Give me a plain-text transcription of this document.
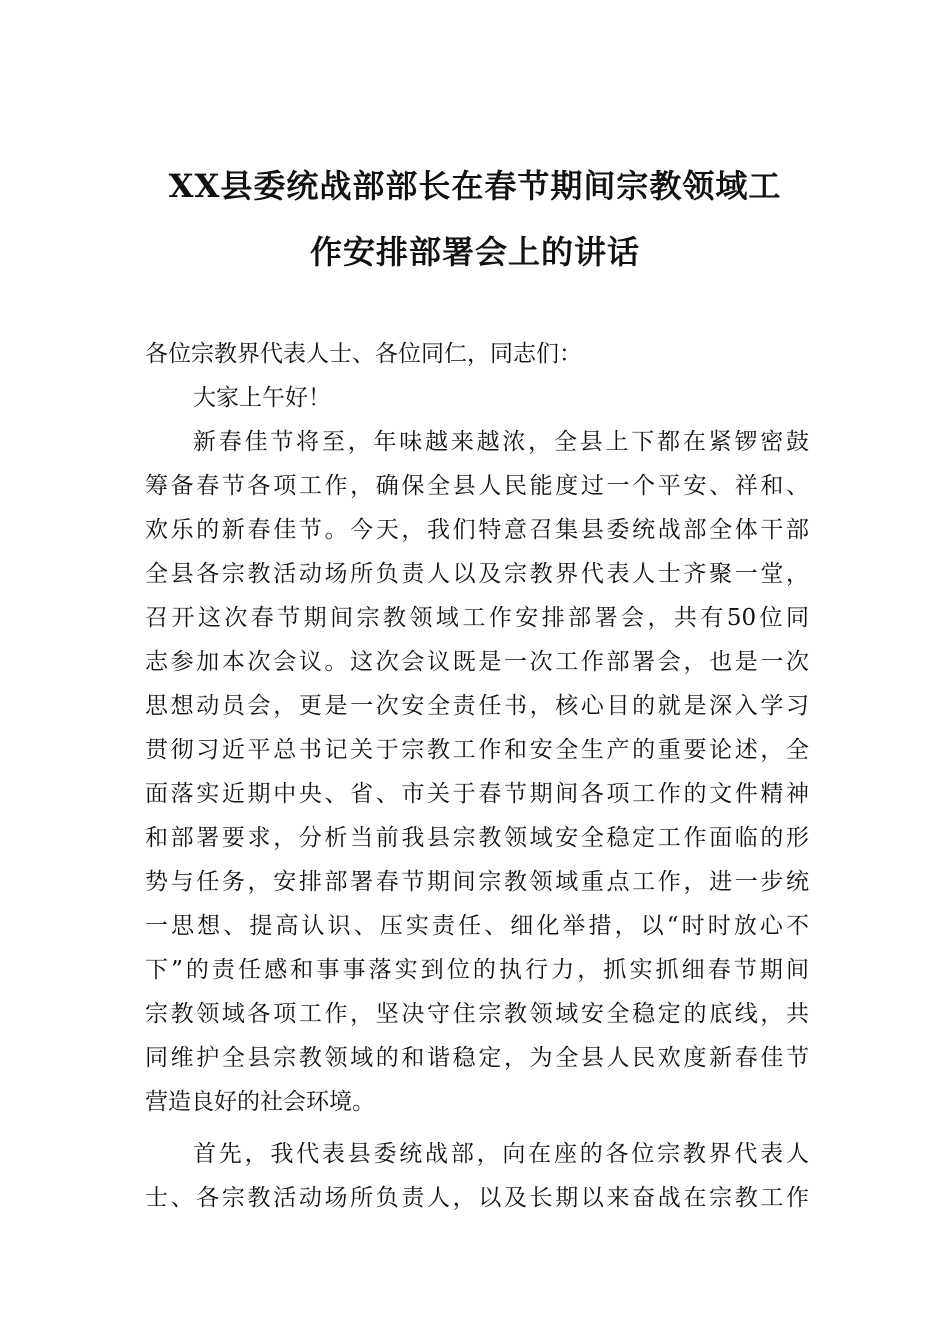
XX县委统战部部长在春节期间宗教领域工
作安排部署会上的讲话
各位宗教界代表人士、各位同仁，同志们：
大家上午好！
新春佳节将至，年味越来越浓，全县上下都在紧锣密鼓
筹备春节各项工作，确保全县人民能度过一个平安、祥和、
欢乐的新春佳节。今天，我们特意召集县委统战部全体干部
全县各宗教活动场所负责人以及宗教界代表人士齐聚一堂，
召开这次春节期间宗教领域工作安排部署会，共有50位同
志参加本次会议。这次会议既是一次工作部署会，也是一次
思想动员会，更是一次安全责任书，核心目的就是深入学习
贯彻习近平总书记关于宗教工作和安全生产的重要论述，全
面落实近期中央、省、市关于春节期间各项工作的文件精神
和部署要求，分析当前我县宗教领域安全稳定工作面临的形
势与任务，安排部署春节期间宗教领域重点工作，进一步统
一思想、提高认识、压实责任、细化举措，以“时时放心不
下”的责任感和事事落实到位的执行力，抓实抓细春节期间
宗教领域各项工作，坚决守住宗教领域安全稳定的底线，共
同维护全县宗教领域的和谐稳定，为全县人民欢度新春佳节
营造良好的社会环境。
首先，我代表县委统战部，向在座的各位宗教界代表人
士、各宗教活动场所负责人，以及长期以来奋战在宗教工作
